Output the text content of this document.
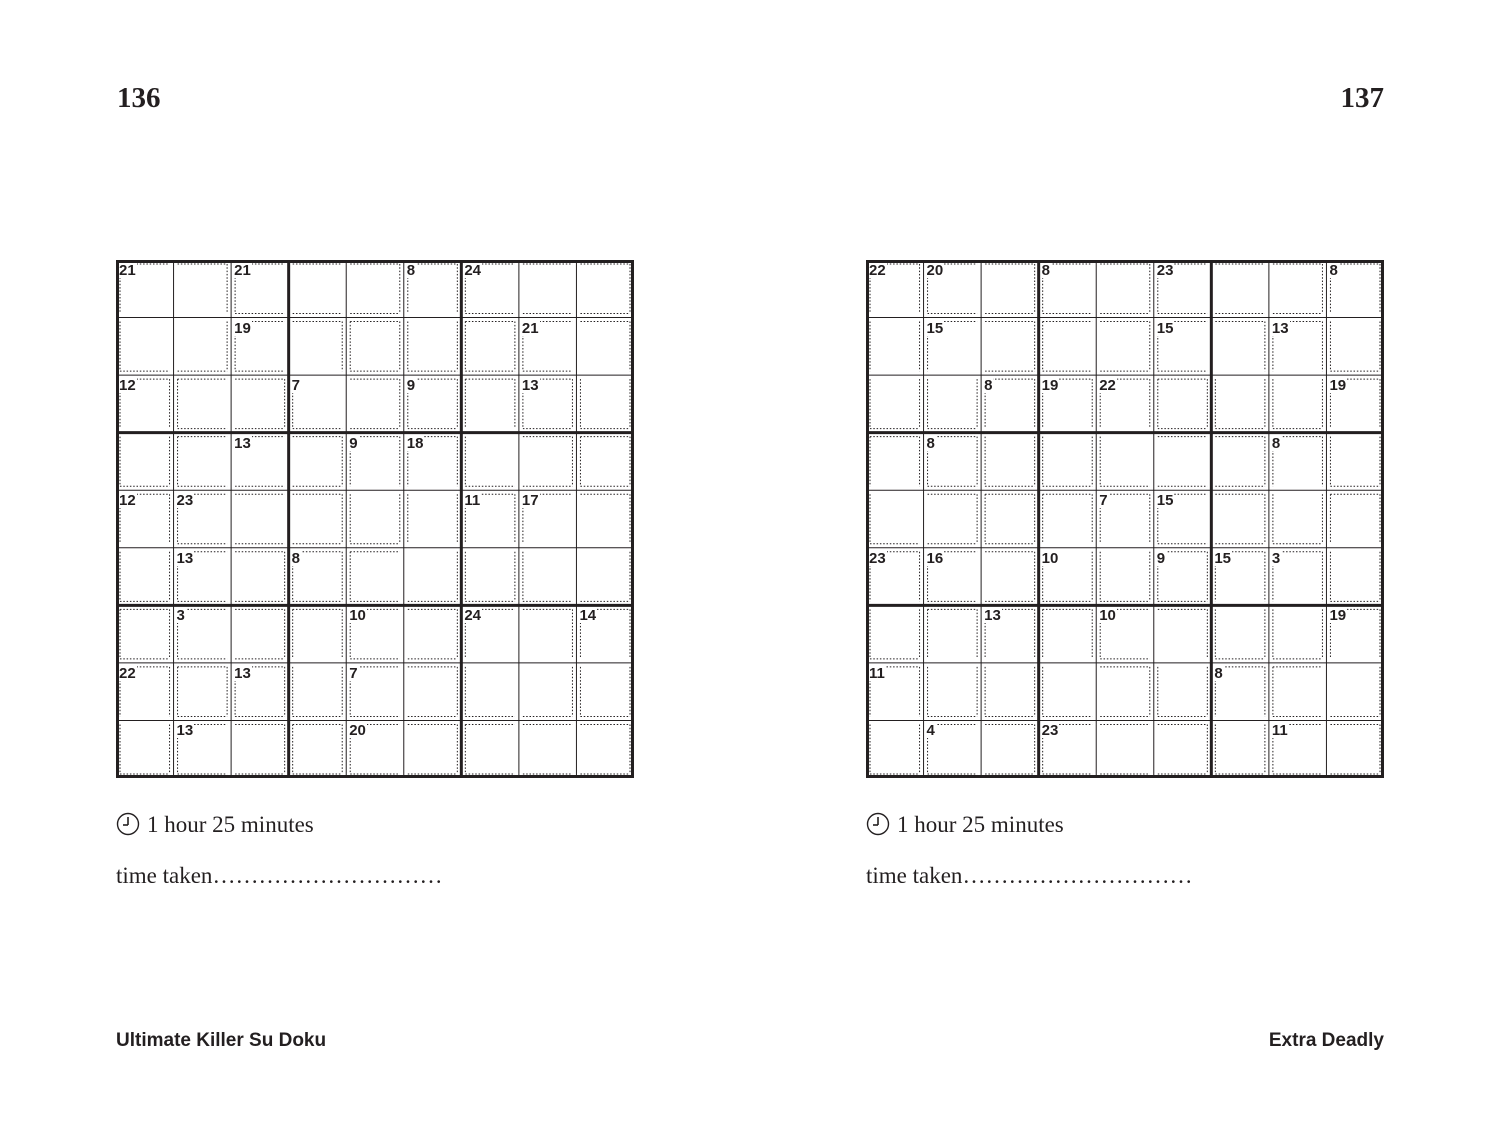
136	137
21	21	8	24
19	21
12	7	9	13
13	9	18
12	23	11	17
13	8
3	10	24	14
22	13	7
13	20
22	20	8	23	8
15	15	13
8	19	22	19
8	8
7	15
23	16	10	9	15	3
13	10	19
11	8
4	23	11
1 hour 25 minutes	1 hour 25 minutes
time taken…………………………	time taken…………………………
Ultimate Killer Su Doku	Extra Deadly
